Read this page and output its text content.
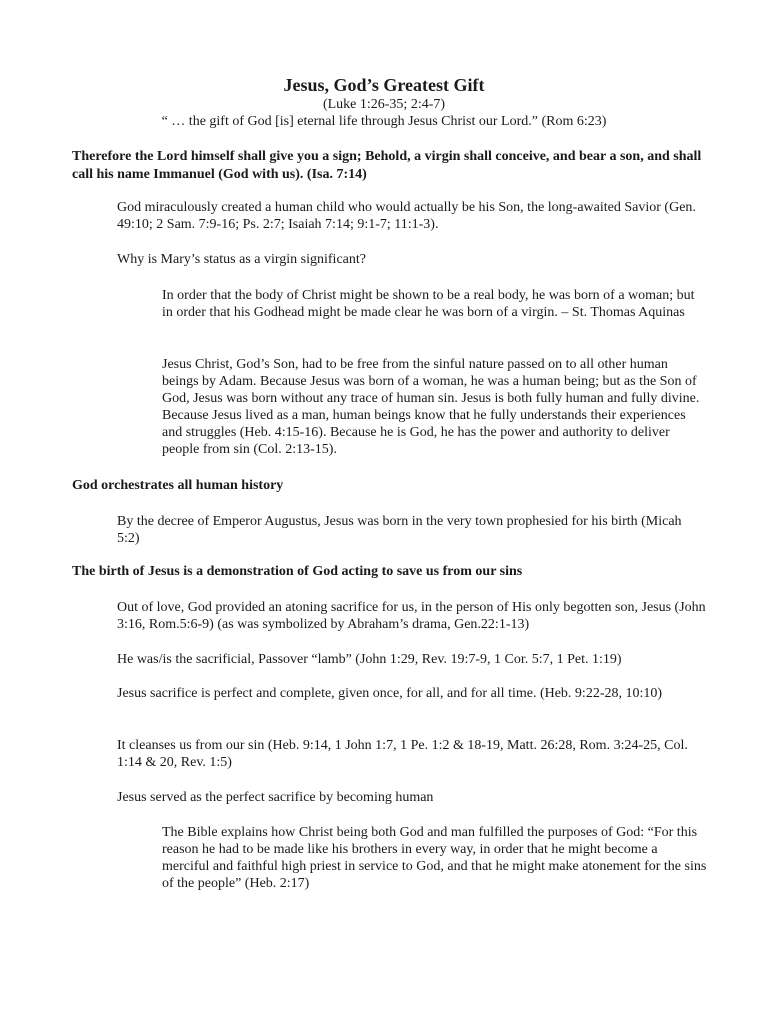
Jesus, God’s Greatest Gift
(Luke 1:26-35; 2:4-7)
“ … the gift of God [is] eternal life through Jesus Christ our Lord.” (Rom 6:23)
Therefore the Lord himself shall give you a sign; Behold, a virgin shall conceive, and bear a son, and shall call his name Immanuel (God with us). (Isa. 7:14)
God miraculously created a human child who would actually be his Son, the long-awaited Savior (Gen. 49:10; 2 Sam. 7:9-16; Ps. 2:7; Isaiah 7:14; 9:1-7; 11:1-3).
Why is Mary’s status as a virgin significant?
In order that the body of Christ might be shown to be a real body, he was born of a woman; but in order that his Godhead might be made clear he was born of a virgin. – St. Thomas Aquinas
Jesus Christ, God’s Son, had to be free from the sinful nature passed on to all other human beings by Adam. Because Jesus was born of a woman, he was a human being; but as the Son of God, Jesus was born without any trace of human sin. Jesus is both fully human and fully divine. Because Jesus lived as a man, human beings know that he fully understands their experiences and struggles (Heb. 4:15-16). Because he is God, he has the power and authority to deliver people from sin (Col. 2:13-15).
God orchestrates all human history
By the decree of Emperor Augustus, Jesus was born in the very town prophesied for his birth (Micah 5:2)
The birth of Jesus is a demonstration of God acting to save us from our sins
Out of love, God provided an atoning sacrifice for us, in the person of His only begotten son, Jesus (John 3:16, Rom.5:6-9) (as was symbolized by Abraham’s drama, Gen.22:1-13)
He was/is the sacrificial, Passover “lamb” (John 1:29, Rev. 19:7-9, 1 Cor. 5:7, 1 Pet. 1:19)
Jesus sacrifice is perfect and complete, given once, for all, and for all time. (Heb. 9:22-28, 10:10)
It cleanses us from our sin (Heb. 9:14, 1 John 1:7, 1 Pe. 1:2 & 18-19, Matt. 26:28, Rom. 3:24-25, Col. 1:14 & 20, Rev. 1:5)
Jesus served as the perfect sacrifice by becoming human
The Bible explains how Christ being both God and man fulfilled the purposes of God: “For this reason he had to be made like his brothers in every way, in order that he might become a merciful and faithful high priest in service to God, and that he might make atonement for the sins of the people” (Heb. 2:17)
